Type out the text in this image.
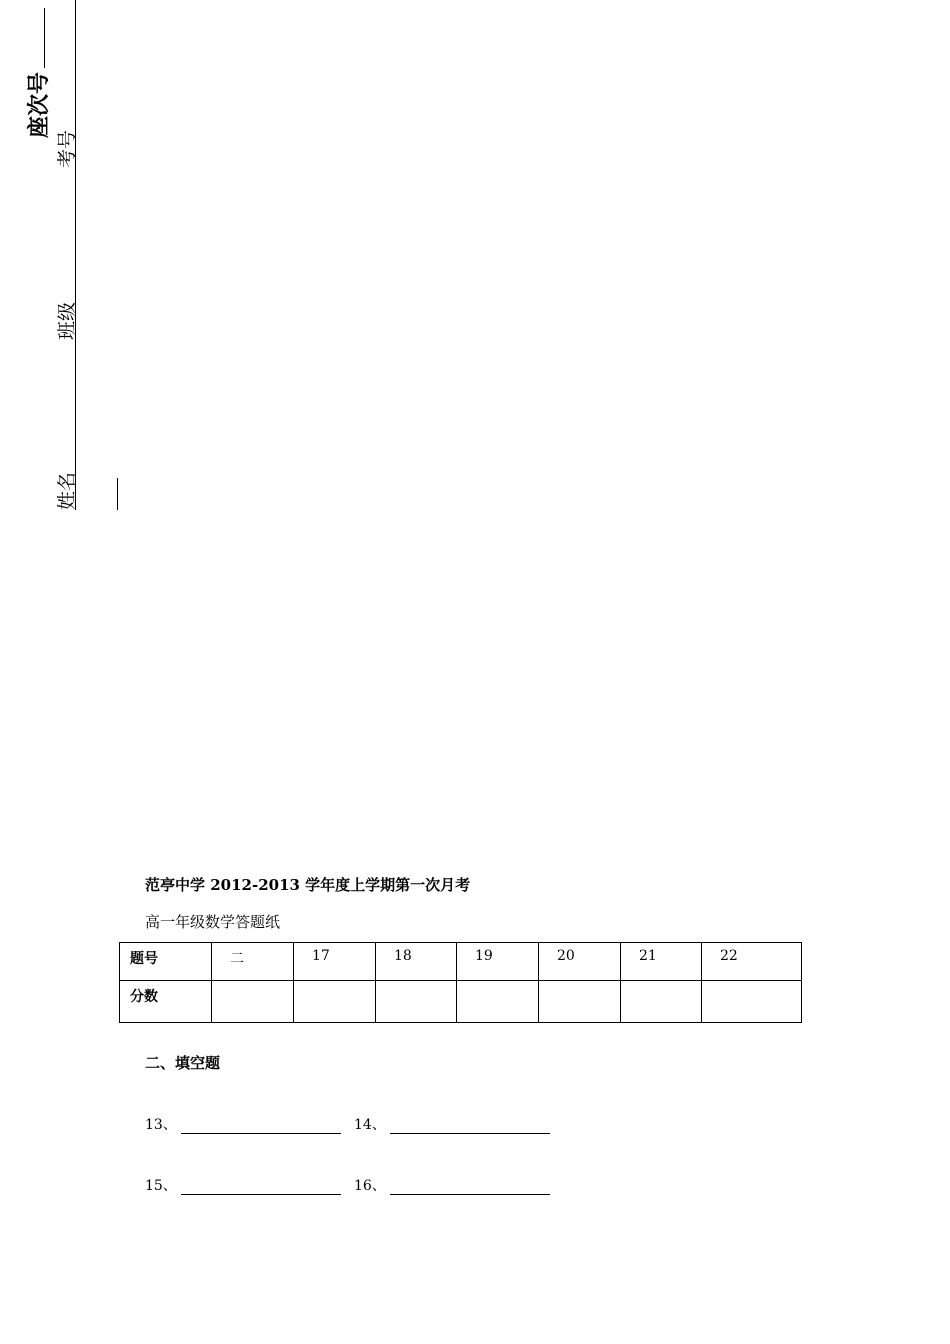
座次号
考号
班级
姓名
范亭中学 2012-2013 学年度上学期第一次月考
高一年级数学答题纸
题号	二	17	18	19	20	21	22
分数							
二、填空题
13、	14、
15、	16、
